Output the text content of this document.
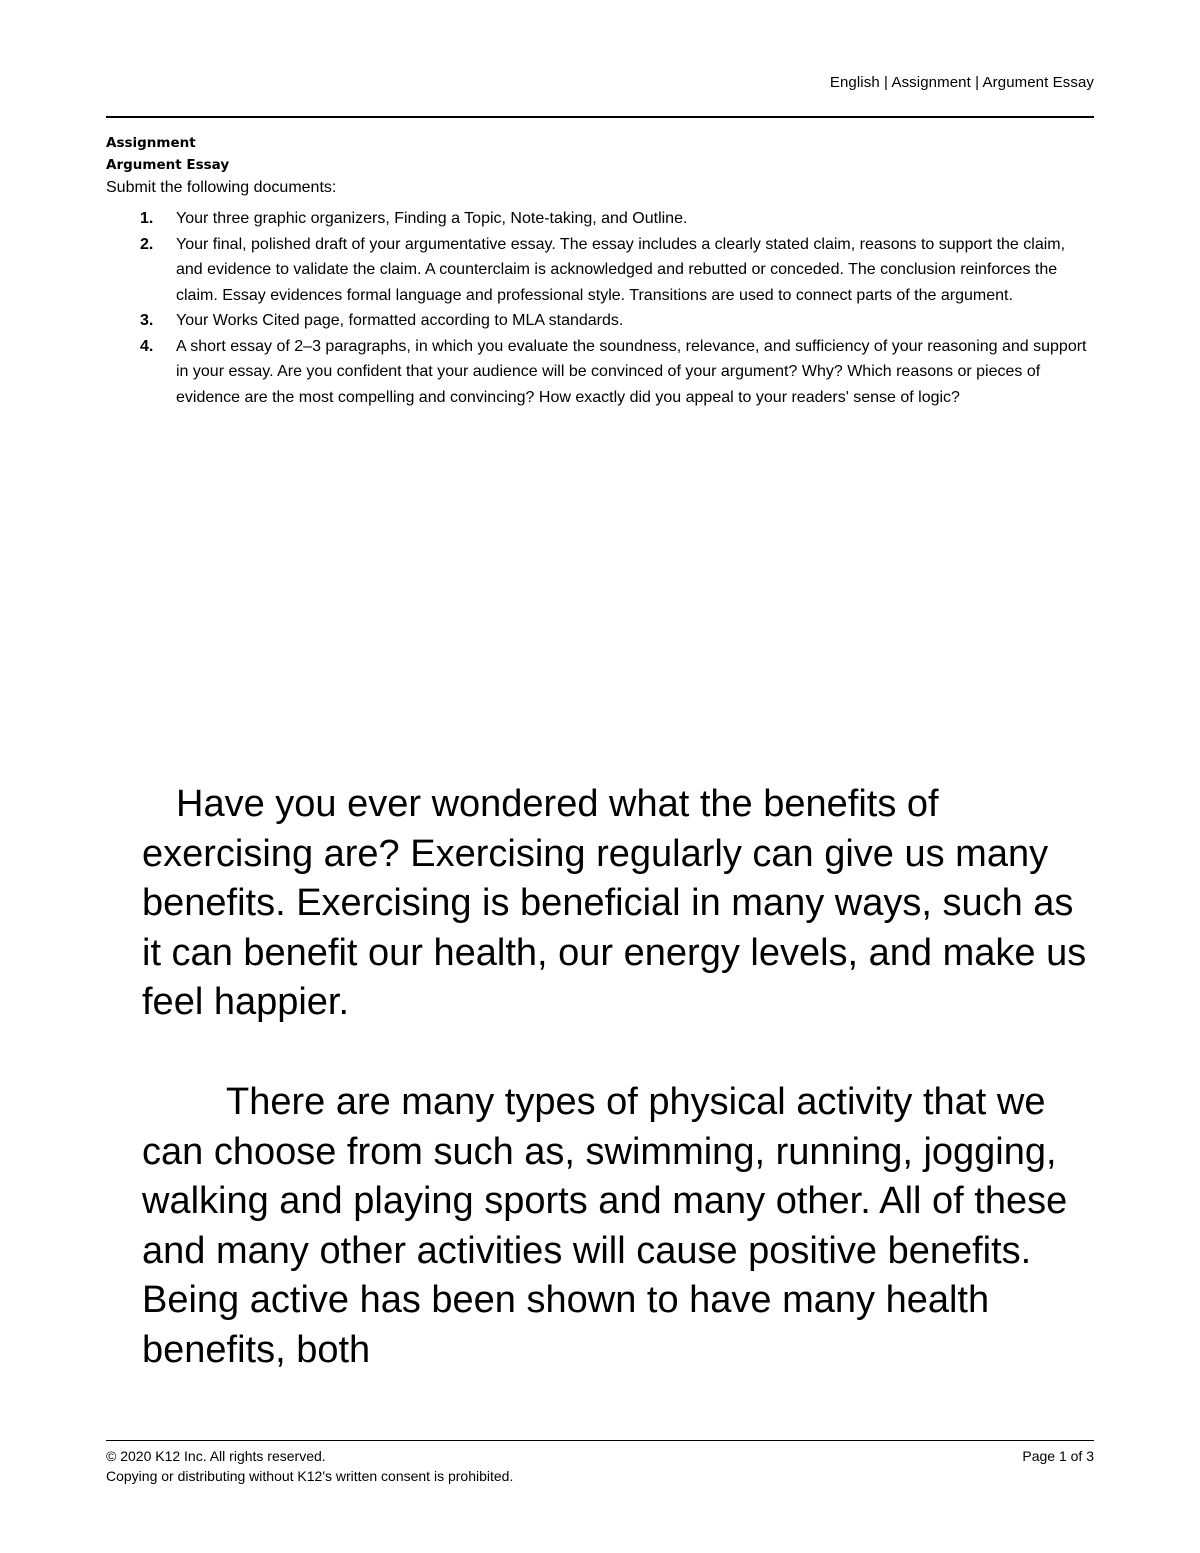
English | Assignment | Argument Essay
Assignment
Argument Essay
Submit the following documents:
1. Your three graphic organizers, Finding a Topic, Note-taking, and Outline.
2. Your final, polished draft of your argumentative essay. The essay includes a clearly stated claim, reasons to support the claim, and evidence to validate the claim. A counterclaim is acknowledged and rebutted or conceded. The conclusion reinforces the claim. Essay evidences formal language and professional style. Transitions are used to connect parts of the argument.
3. Your Works Cited page, formatted according to MLA standards.
4. A short essay of 2–3 paragraphs, in which you evaluate the soundness, relevance, and sufficiency of your reasoning and support in your essay. Are you confident that your audience will be convinced of your argument? Why? Which reasons or pieces of evidence are the most compelling and convincing? How exactly did you appeal to your readers' sense of logic?
Have you ever wondered what the benefits of exercising are? Exercising regularly can give us many benefits. Exercising is beneficial in many ways, such as it can benefit our health, our energy levels, and make us feel happier.
There are many types of physical activity that we can choose from such as, swimming, running, jogging, walking and playing sports and many other. All of these and many other activities will cause positive benefits. Being active has been shown to have many health benefits, both
© 2020 K12 Inc. All rights reserved.
Copying or distributing without K12's written consent is prohibited.
Page 1 of 3
